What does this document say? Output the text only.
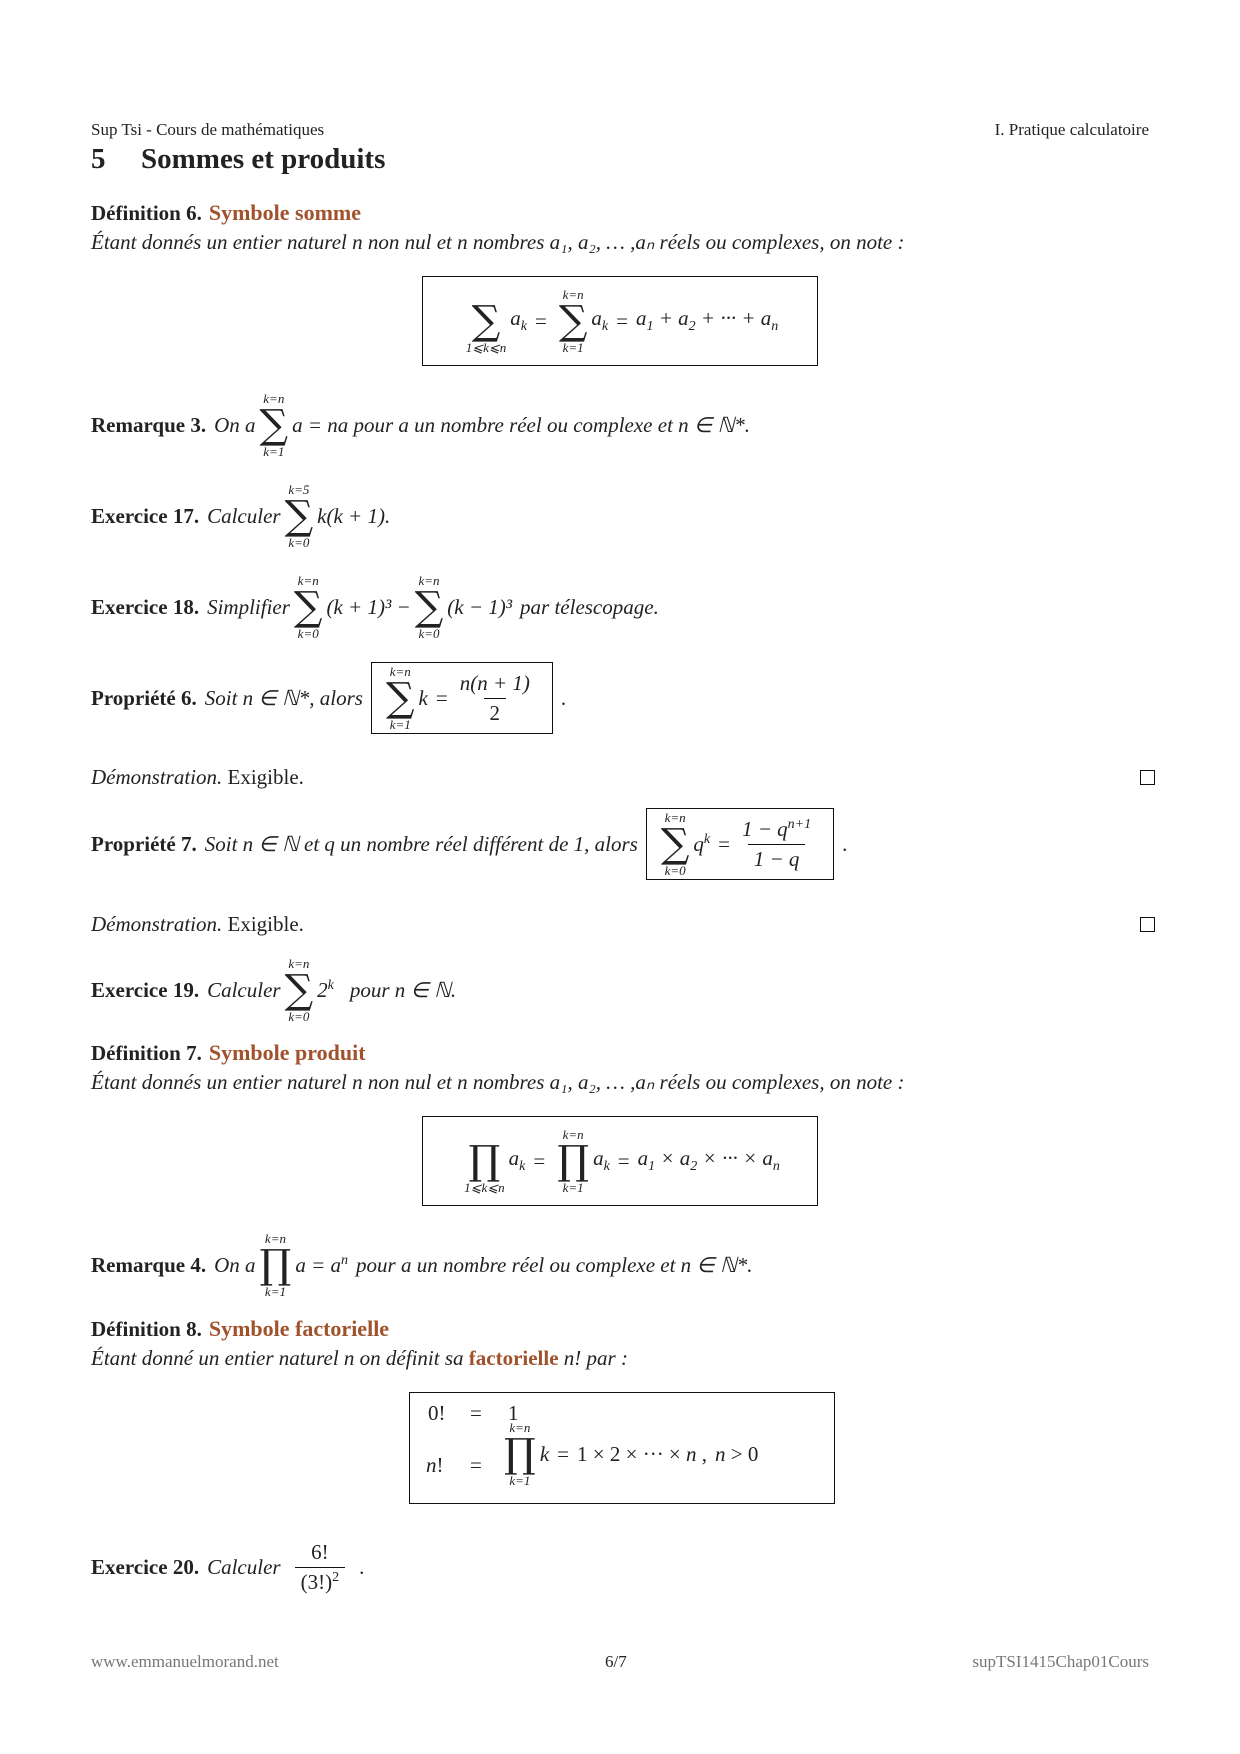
Sup Tsi - Cours de mathématiques	I. Pratique calculatoire
5 Sommes et produits
Définition 6. Symbole somme
Étant donnés un entier naturel n non nul et n nombres a₁, a₂, … ,aₙ réels ou complexes, on note :

∑
1⩽k⩽n
$a_k$ =
k=n
∑
k=1
$a_k = a_1 + a_2$ + ··· + $a_n$
Remarque 3. On a
k=n
∑
k=1
a = na pour a un nombre réel ou complexe et n ∈ ℕ*.
Exercice 17. Calculer
k=5
∑
k=0
k(k + 1).
Exercice 18. Simplifier
k=n
∑
k=0
(k + 1)³ −
k=n
∑
k=0
(k − 1)³ par télescopage.
Propriété 6. Soit n ∈ ℕ*, alors
k=n
∑
k=1
$k = \frac{n(n + 1)}{2}$ .
Démonstration. Exigible.
Propriété 7. Soit n ∈ ℕ et q un nombre réel différent de 1, alors
k=n
∑
k=0
$q^k = \frac{1 - q^{n+1}}{1 - q}$ .
Démonstration. Exigible.
Exercice 19. Calculer
k=n
∑
k=0
2$^k$ pour n ∈ ℕ.
Définition 7. Symbole produit
Étant donnés un entier naturel n non nul et n nombres a₁, a₂, … ,aₙ réels ou complexes, on note :

∏
1⩽k⩽n
$a_k$ =
k=n
∏
k=1
$a_k = a_1 \times a_2$ × ··· × $a_n$
Remarque 4. On a
k=n
∏
k=1
$a = a^n$ pour a un nombre réel ou complexe et n ∈ ℕ*.
Définition 8. Symbole factorielle
Étant donné un entier naturel n on définit sa factorielle n! par :
0! = 1
n! =
k=n
∏
k=1
k = 1 × 2 × ··· × n , n > 0
Exercice 20. Calculer $\frac{6!}{(3!)^2}$ .
www.emmanuelmorand.net	6/7	supTSI1415Chap01Cours
